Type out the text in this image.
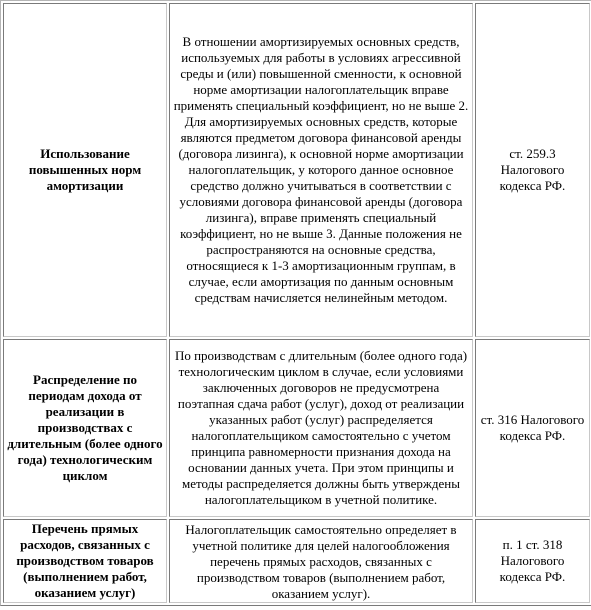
Использование повышенных норм амортизации	В отношении амортизируемых основных средств, используемых для работы в условиях агрессивной среды и (или) повышенной сменности, к основной норме амортизации налогоплательщик вправе применять специальный коэффициент, но не выше 2. Для амортизируемых основных средств, которые являются предметом договора финансовой аренды (договора лизинга), к основной норме амортизации налогоплательщик, у которого данное основное средство должно учитываться в соответствии с условиями договора финансовой аренды (договора лизинга), вправе применять специальный коэффициент, но не выше 3. Данные положения не распространяются на основные средства, относящиеся к 1-3 амортизационным группам, в случае, если амортизация по данным основным средствам начисляется нелинейным методом.	ст. 259.3 Налогового кодекса РФ.
Распределение по периодам дохода от реализации в производствах с длительным (более одного года) технологическим циклом	По производствам с длительным (более одного года) технологическим циклом в случае, если условиями заключенных договоров не предусмотрена поэтапная сдача работ (услуг), доход от реализации указанных работ (услуг) распределяется налогоплательщиком самостоятельно с учетом принципа равномерности признания дохода на основании данных учета. При этом принципы и методы распределяется должны быть утверждены налогоплательщиком в учетной политике.	ст. 316 Налогового кодекса РФ.
Перечень прямых расходов, связанных с производством товаров (выполнением работ, оказанием услуг)	Налогоплательщик самостоятельно определяет в учетной политике для целей налогообложения перечень прямых расходов, связанных с производством товаров (выполнением работ, оказанием услуг).	п. 1 ст. 318 Налогового кодекса РФ.
